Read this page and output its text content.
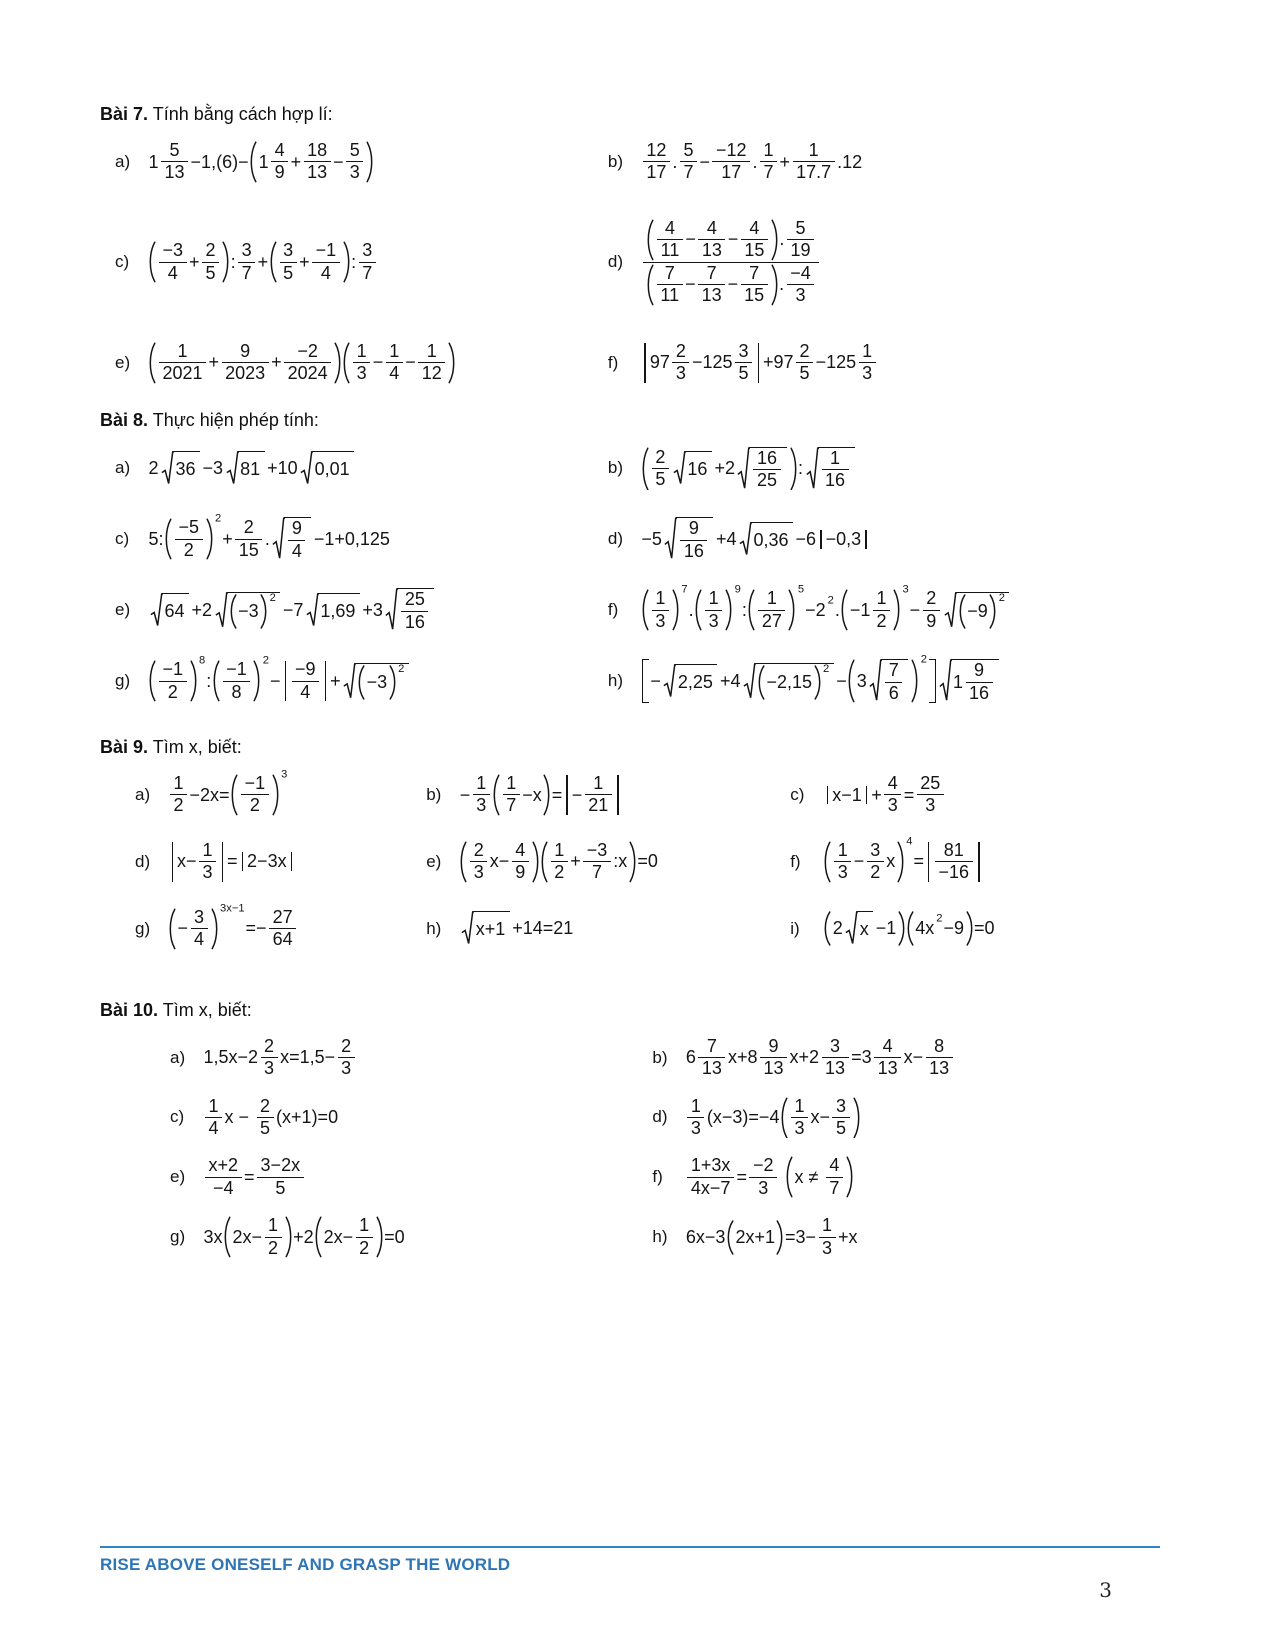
Bài 7. Tính bằng cách hợp lí:
a) 1
5
13
−1,(6)− 1
4
9
+
18
13
−
5
3
b)
12
17
.
5
7
−
−12
17
.
1
7
+
1
17.7
.12
c)
−3
4
+
2
5
:
3
7
+
3
5
+
−1
4
:
3
7
d)
4
11
−
4
13
−
4
15
.
5
19
7
11
−
7
13
−
7
15
.
−4
3
e)
1
2021
+
9
2023
+
−2
2024
1
3
−
1
4
−
1
12
f)	97
2
3
−125
3
5
+97
2
5
−125
1
3
Bài 8. Thực hiện phép tính:
a) 2 36 −3 81 +10 0,01	b)
2
5 16 +2
16
25
:
1
16
c)	5:
−5
2
2
+
2
15
.
9
4
−1+0,125	d) −5
9
16
+4 0,36 −6 −0,3
e) 64 +2 −3
2
−7 1,69 +3
25
16
f)
1
3
7
.
1
3
9
:
1
27
5
−2 2 . −1
1
2
3
−
2
9 −9
2
g)
−1
2
8
:
−1
8
2
−
−9
4
+ −3
2
h) − 2,25 +4 −2,15
2
− 3
7
6
2
1
9
16
Bài 9. Tìm x, biết:
a)
1
2
−2x=
−1
2
3
b) −
1
3
1
7
−x = −
1
21
c)	x−1 +
4
3
=
25
3
d) x−
1
3
= 2−3x	e)
2
3
x−
4
9
1
2
+
−3
7
:x =0	f)
1
3
−
3
2
x
4
=
81
−16
g) −
3
4
3x−1
=−
27
64
h) x+1 +14=21	i)	2 x −1 4x 2 −9 =0
Bài 10. Tìm x, biết:
a) 1,5x−2
2
3
x=1,5−
2
3
b) 6
7
13
x+8
9
13
x+2
3
13
=3
4
13
x−
8
13
c)
1
4
x −
2
5
(x+1)=0	d)
1
3
(x−3)=−4
1
3
x−
3
5
e)
x+2
−4
=
3−2x
5
f)
1+3x
4x−7
=
−2
3

x ≠
4
7
g) 3x 2x−
1
2
+2 2x−
1
2
=0	h) 6x−3 2x+1 =3−
1
3
+x
RISE ABOVE ONESELF AND GRASP THE WORLD
3
